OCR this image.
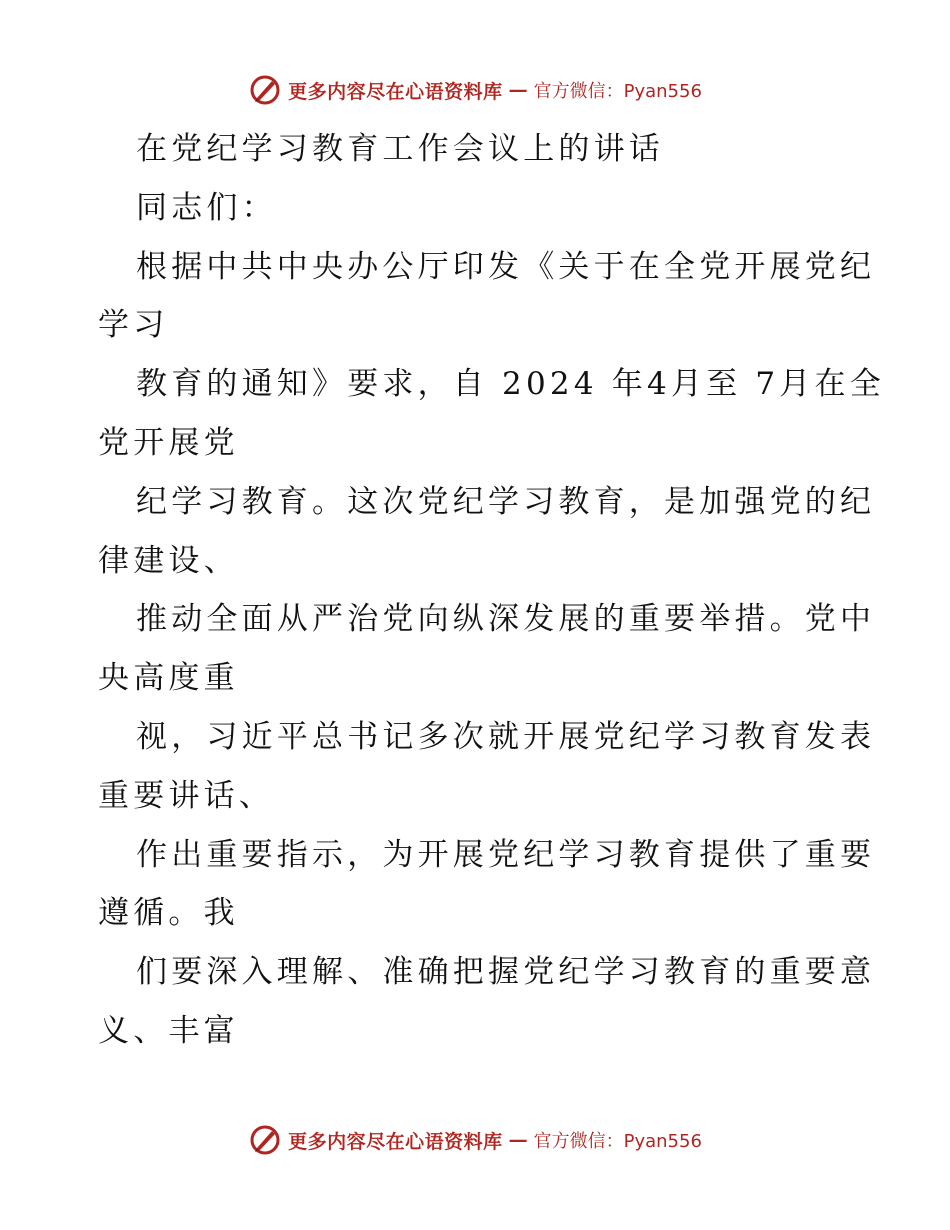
更多内容尽在心语资料库 — 官方微信：Pyan556
在党纪学习教育工作会议上的讲话
同志们：
根据中共中央办公厅印发《关于在全党开展党纪
学习
教育的通知》要求，自 2024 年4月至 7月在全
党开展党
纪学习教育。这次党纪学习教育，是加强党的纪
律建设、
推动全面从严治党向纵深发展的重要举措。党中
央高度重
视，习近平总书记多次就开展党纪学习教育发表
重要讲话、
作出重要指示，为开展党纪学习教育提供了重要
遵循。我
们要深入理解、准确把握党纪学习教育的重要意
义、丰富
更多内容尽在心语资料库 — 官方微信：Pyan556
